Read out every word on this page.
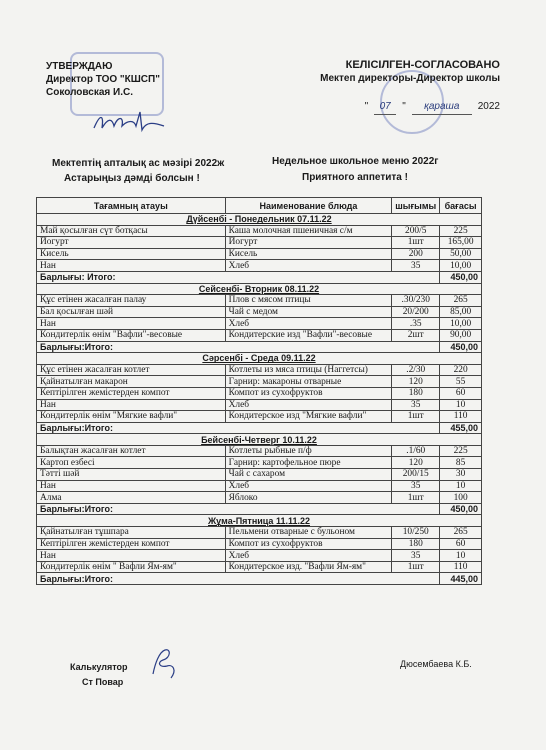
УТВЕРЖДАЮ
Директор ТОО "КШСП"
Соколовская И.С.
КЕЛІСІЛГЕН-СОГЛАСОВАНО
Мектеп директоры-Директор школы
"	07	"	қараша	2022
Мектептің апталық ас мәзірі 2022ж
Астарыңыз дәмді болсын !
Недельное школьное меню 2022г
Приятного аппетита !
Тағамның атауы	Наименование блюда	шығымы	бағасы
Дүйсенбі - Понедельник 07.11.22			
Май қосылған сүт ботқасы	Каша молочная пшеничная с/м	200/5	225
Йогурт	Йогурт	1шт	165,00
Кисель	Кисель	200	50,00
Нан	Хлеб	35	10,00
Барлығы: Итого:			450,00
Сейсенбі- Вторник 08.11.22			
Құс етінен жасалған палау	Плов с мясом птицы	.30/230	265
Бал қосылған шәй	Чай с медом	20/200	85,00
Нан	Хлеб	.35	10,00
Кондитерлік өнім "Вафли"-весовые	Кондитерские изд "Вафли"-весовые	2шт	90,00
Барлығы:Итого:			450,00
Сәрсенбі - Среда 09.11.22			
Құс етінен жасалған котлет	Котлеты из мяса птицы (Наггетсы)	.2/30	220
Қайнатылған макарон	Гарнир: макароны отварные	120	55
Кептірілген жемістерден компот	Компот из сухофруктов	180	60
Нан	Хлеб	35	10
Кондитерлік өнім "Мягкие вафли"	Кондитерское изд "Мягкие вафли"	1шт	110
Барлығы:Итого:			455,00
Бейсенбі-Четверг 10.11.22			
Балықтан жасалған котлет	Котлеты рыбные п/ф	.1/60	225
Картоп езбесі	Гарнир: картофельное пюре	120	85
Тәтті шәй	Чай с сахаром	200/15	30
Нан	Хлеб	35	10
Алма	Яблоко	1шт	100
Барлығы:Итого:			450,00
Жұма-Пятница 11.11.22			
Қайнатылған тұшпара	Пельмени отварные с бульоном	10/250	265
Кептірілген жемістерден компот	Компот из сухофруктов	180	60
Нан	Хлеб	35	10
Кондитерлік өнім " Вафли Ям-ям"	Кондитерское изд. "Вафли Ям-ям"	1шт	110
Барлығы:Итого:			445,00
Калькулятор
Ст Повар
Дюсембаева К.Б.
